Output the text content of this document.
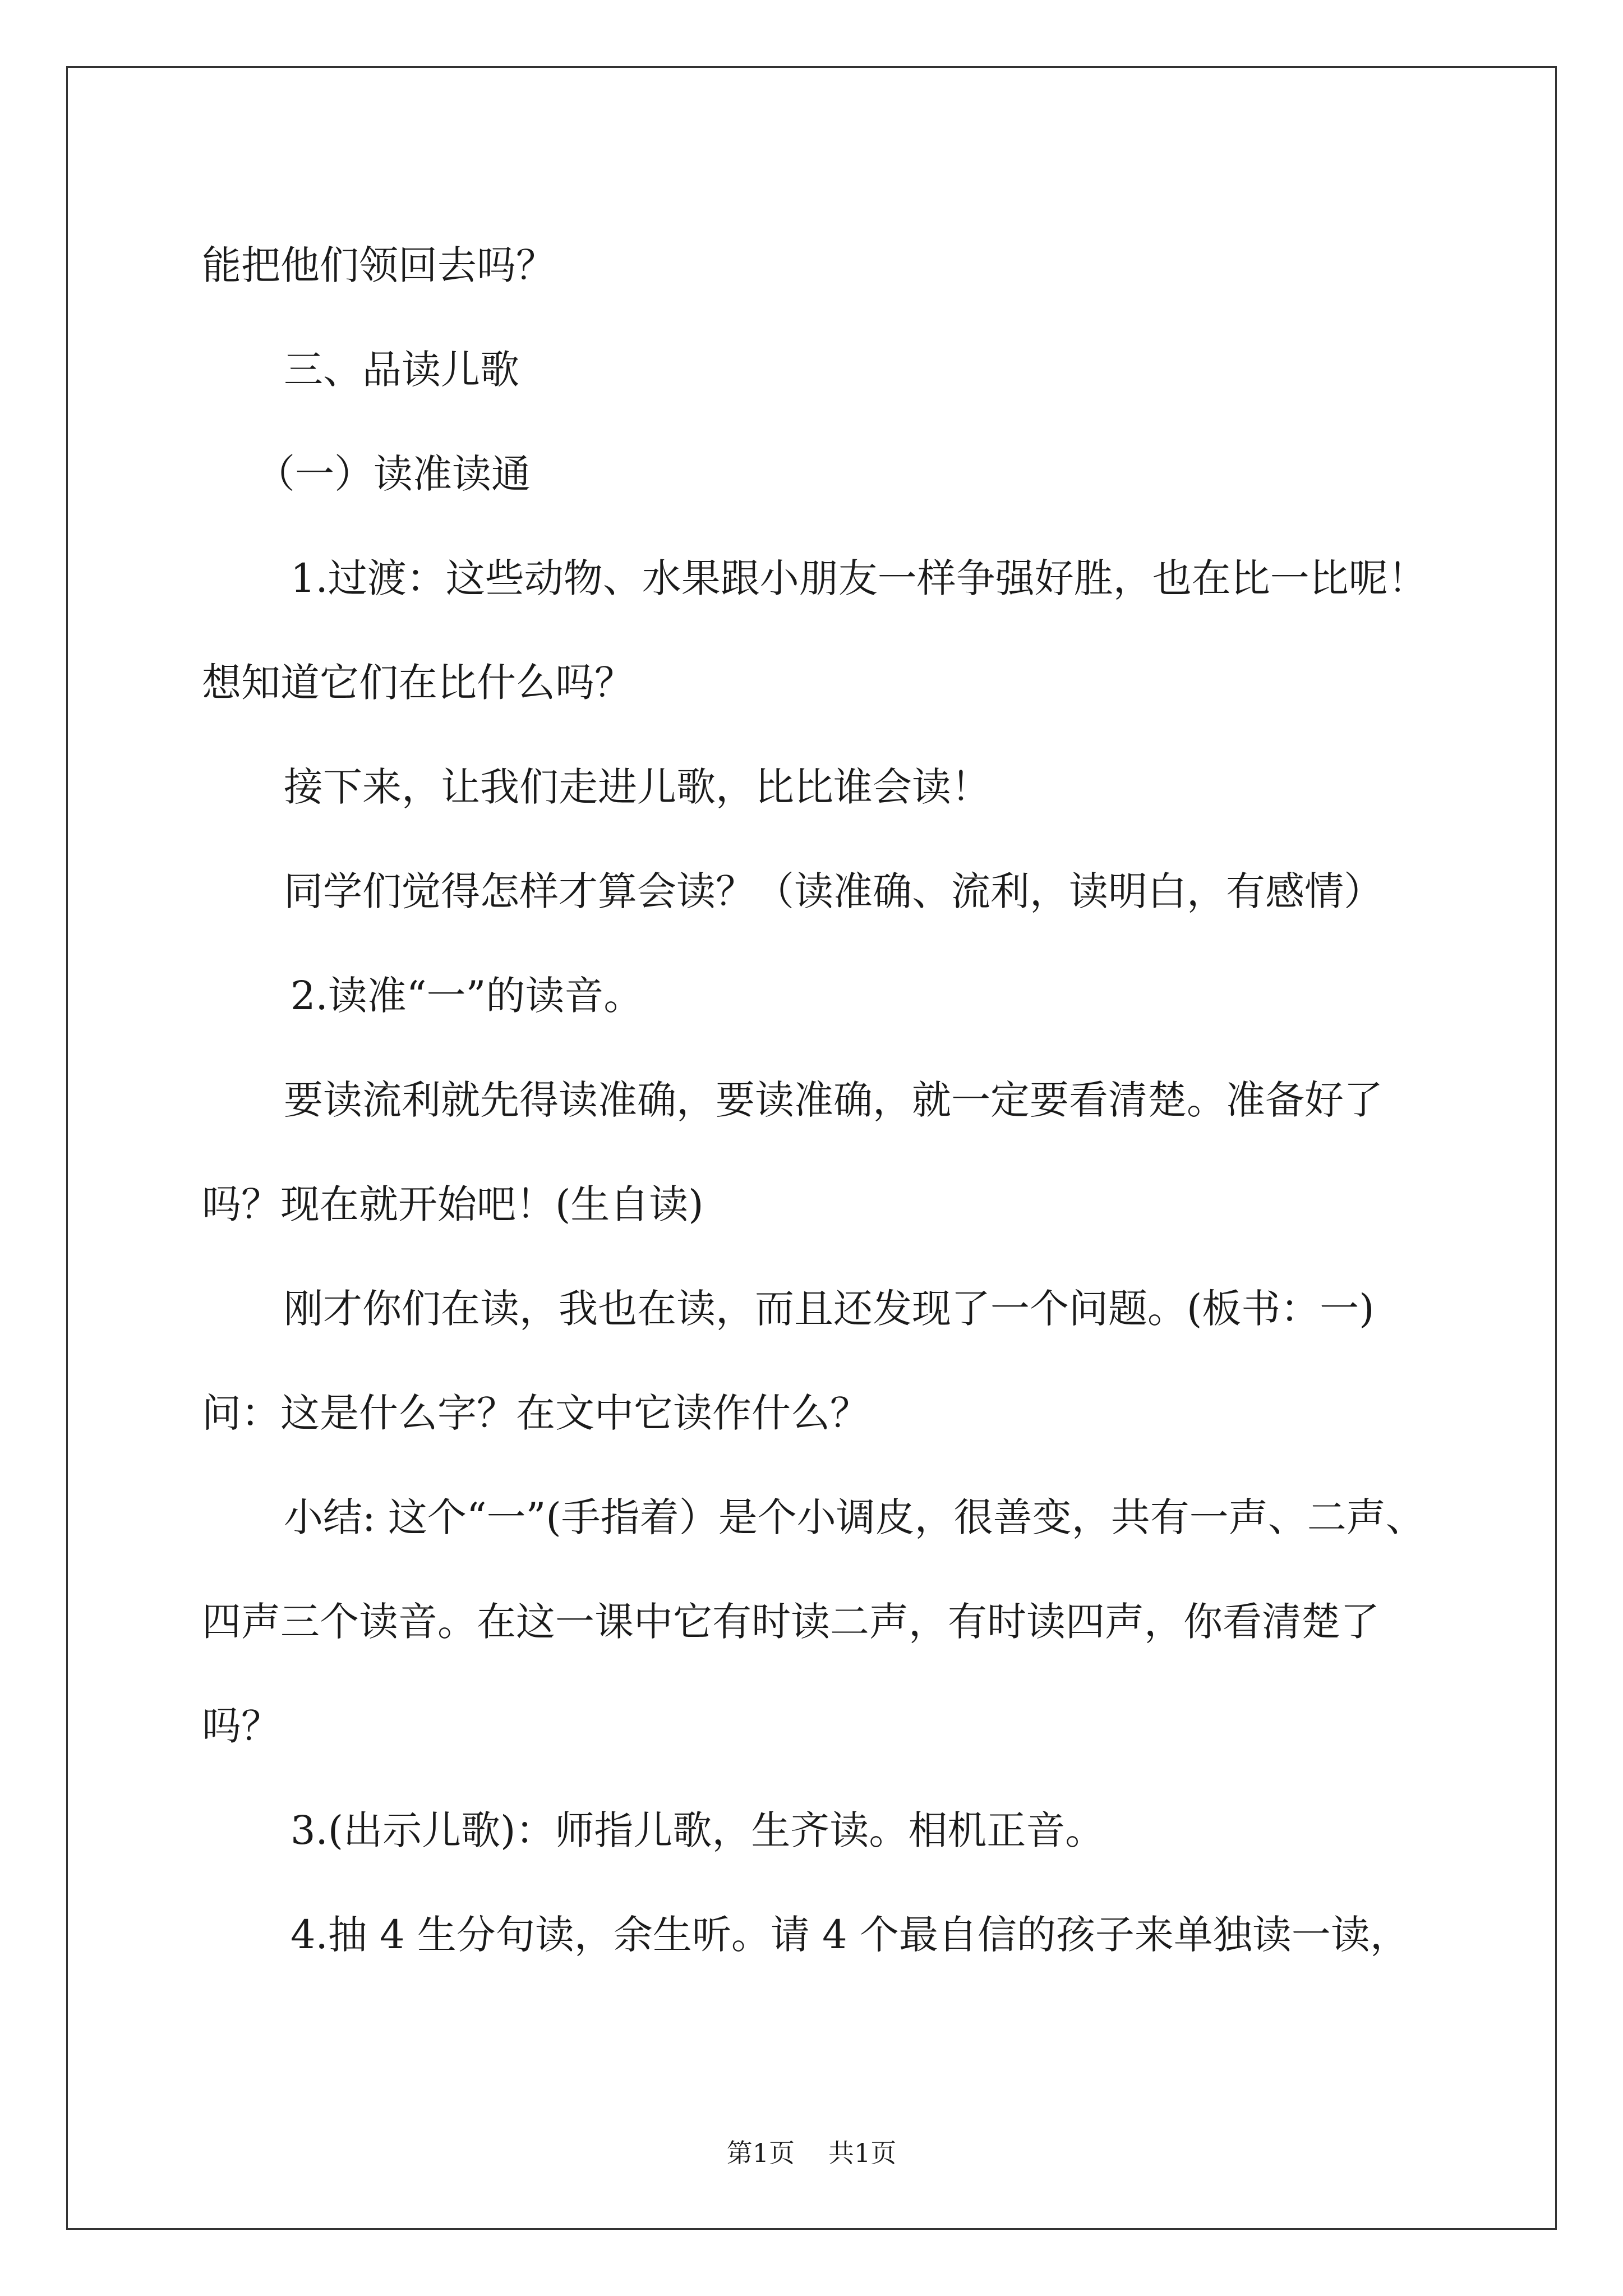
能把他们领回去吗？

三、品读儿歌

（一）读准读通

1.过渡：这些动物、水果跟小朋友一样争强好胜，也在比一比呢！想知道它们在比什么吗？

接下来，让我们走进儿歌，比比谁会读！

同学们觉得怎样才算会读？（读准确、流利，读明白，有感情）

2.读准“一”的读音。

要读流利就先得读准确，要读准确，就一定要看清楚。准备好了吗？现在就开始吧！(生自读)

刚才你们在读，我也在读，而且还发现了一个问题。(板书：一)问：这是什么字？在文中它读作什么？

小结: 这个“一”(手指着）是个小调皮，很善变，共有一声、二声、四声三个读音。在这一课中它有时读二声，有时读四声，你看清楚了吗？

3.(出示儿歌)：师指儿歌，生齐读。相机正音。

4.抽 4 生分句读，余生听。请 4 个最自信的孩子来单独读一读，

第1页 共1页
